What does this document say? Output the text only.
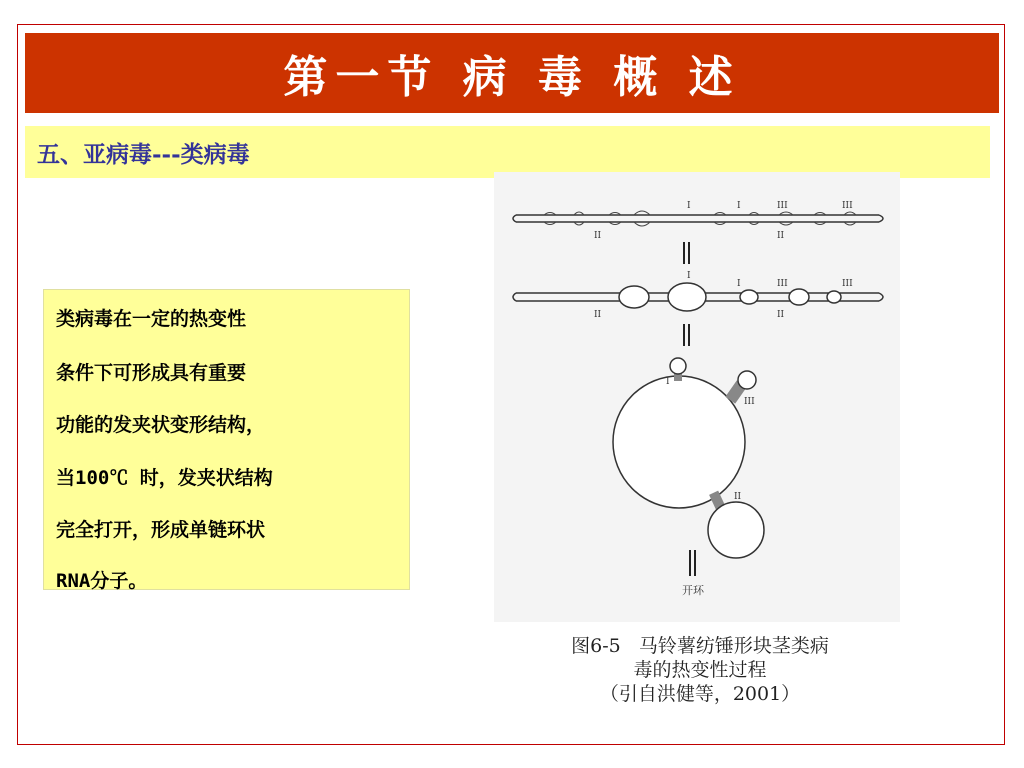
第一节 病 毒 概 述
五、亚病毒---类病毒

类病毒在一定的热变性

条件下可形成具有重要

功能的发夹状变形结构，

当100℃ 时，发夹状结构

完全打开，形成单链环状

RNA分子。

I	I	III	III
II	II
I
I	III	III
II	II
I
III
II
开环
图6-5   马铃薯纺锤形块茎类病
毒的热变性过程
（引自洪健等，2001）
